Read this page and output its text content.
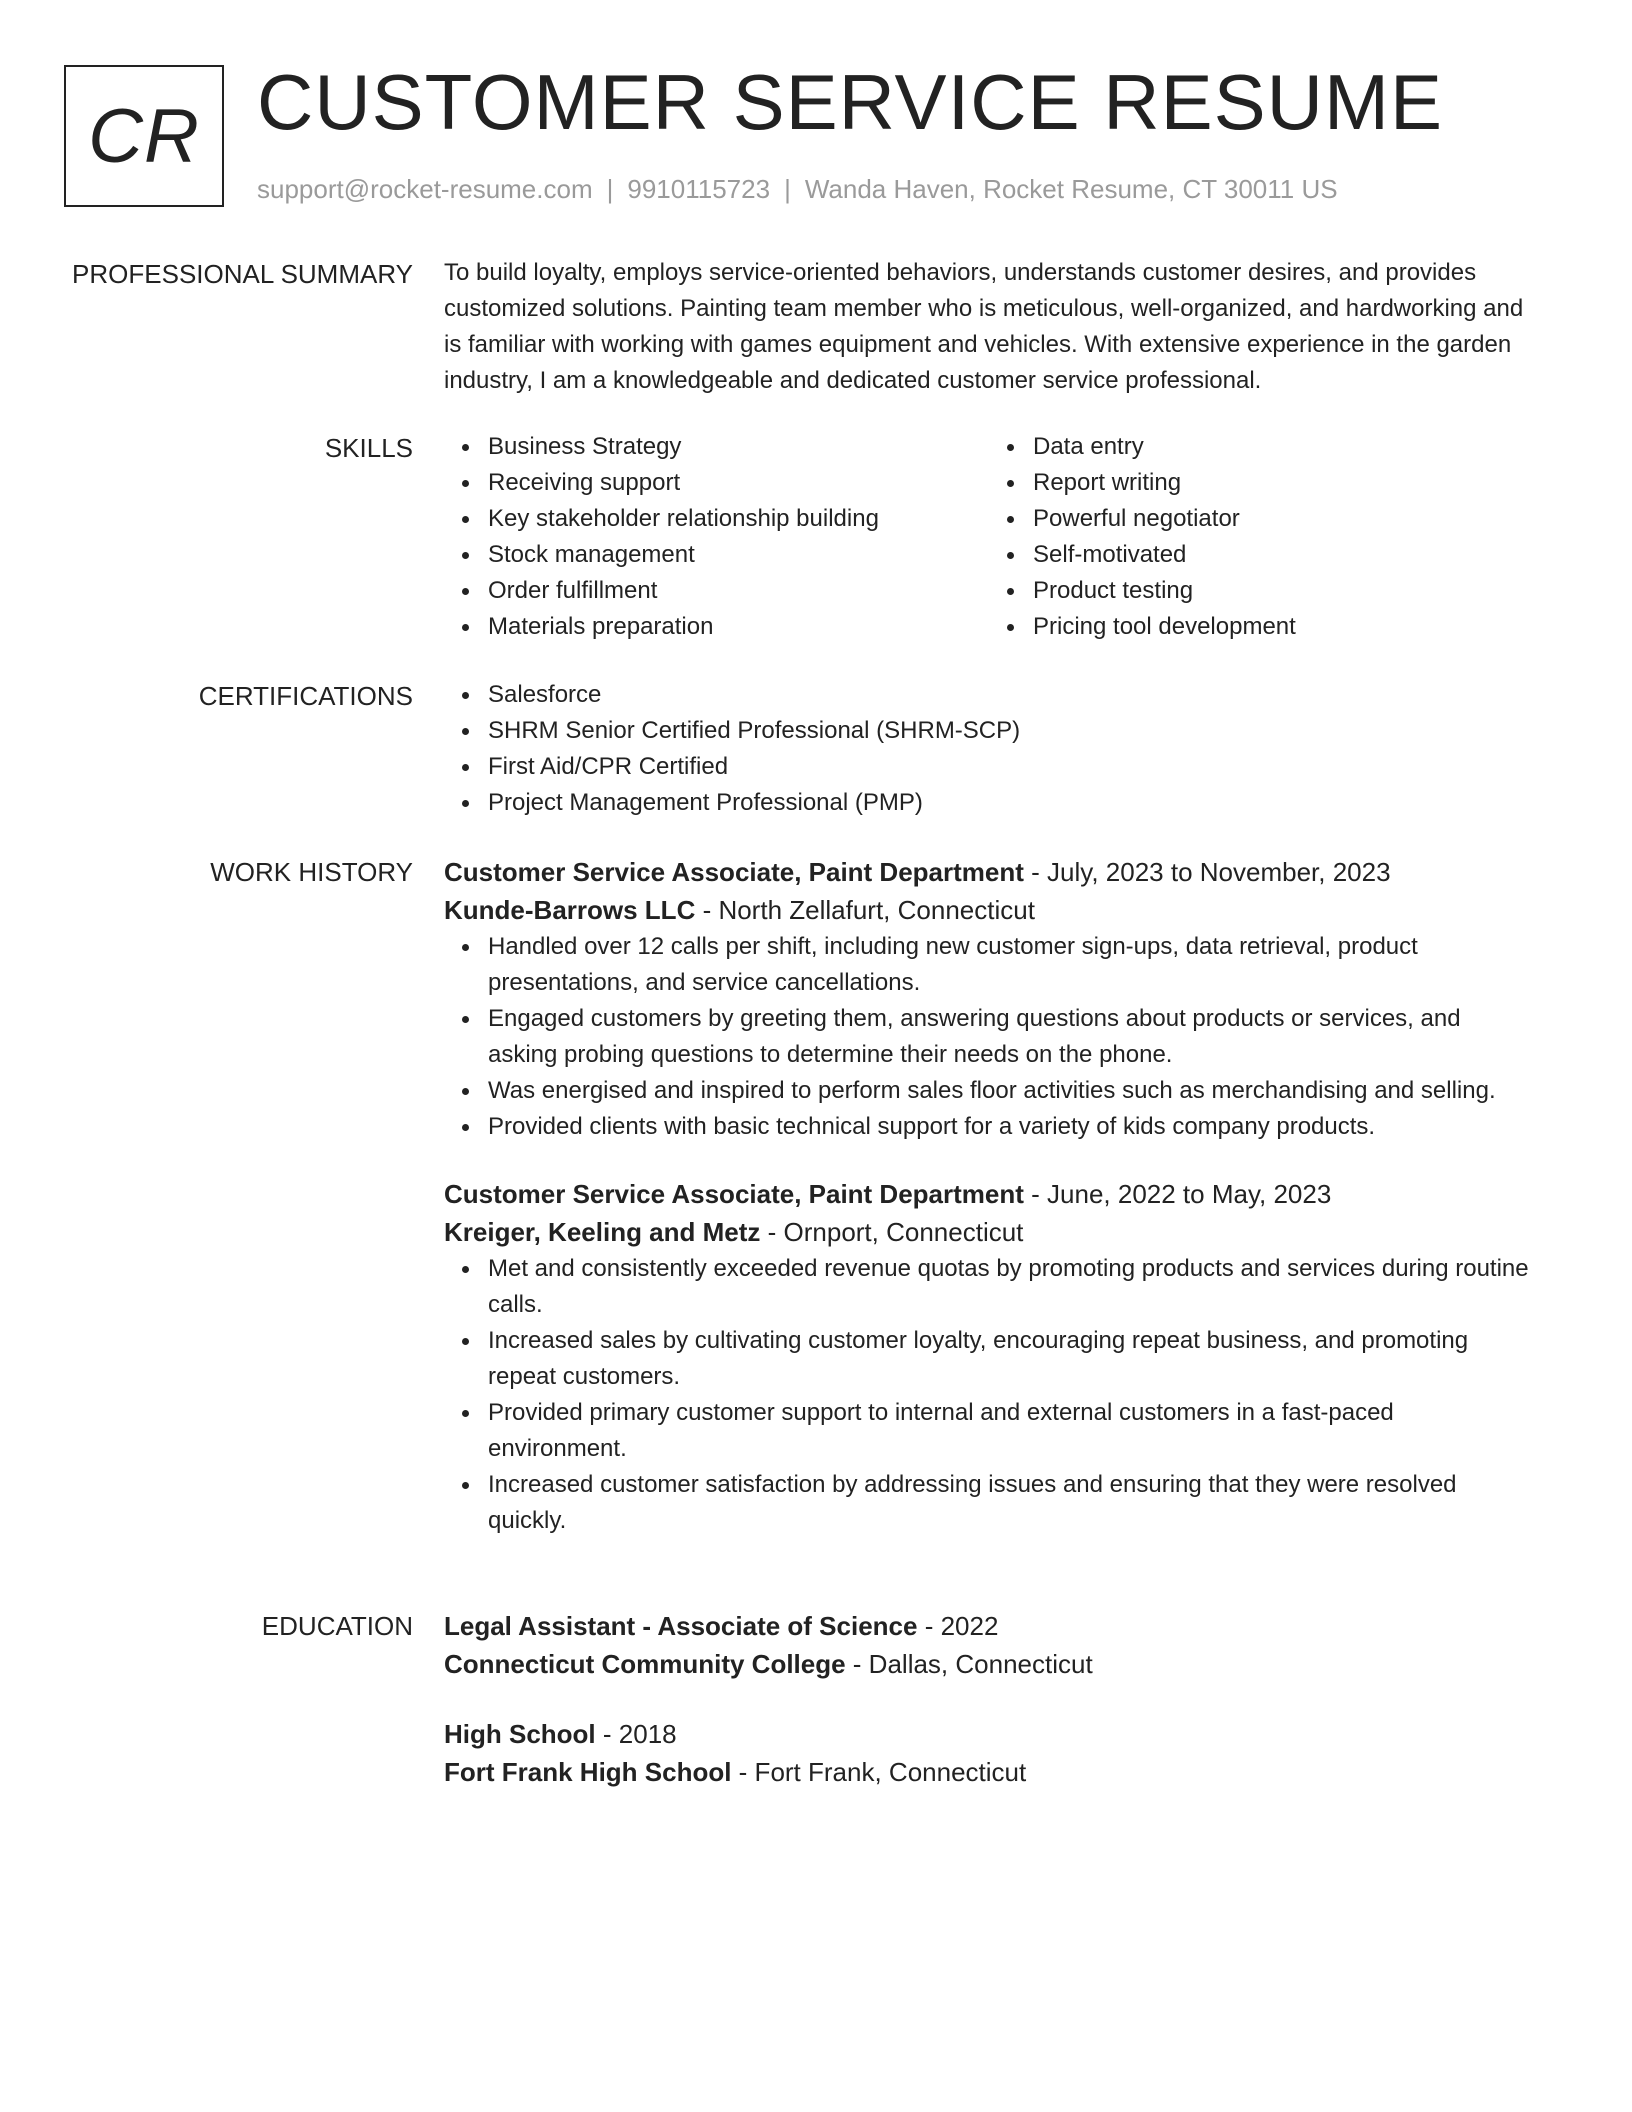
CR CUSTOMER SERVICE RESUME
support@rocket-resume.com | 9910115723 | Wanda Haven, Rocket Resume, CT 30011 US
PROFESSIONAL SUMMARY To build loyalty, employs service-oriented behaviors, understands customer desires, and provides customized solutions. Painting team member who is meticulous, well-organized, and hardworking and is familiar with working with games equipment and vehicles. With extensive experience in the garden industry, I am a knowledgeable and dedicated customer service professional.

SKILLS	Business Strategy
Receiving support
Key stakeholder relationship building
Stock management
Order fulfillment
Materials preparation
Data entry
Report writing
Powerful negotiator
Self-motivated
Product testing
Pricing tool development
CERTIFICATIONS	Salesforce
SHRM Senior Certified Professional (SHRM-SCP)
First Aid/CPR Certified
Project Management Professional (PMP)
WORK HISTORY Customer Service Associate, Paint Department - July, 2023 to November, 2023
Kunde-Barrows LLC - North Zellafurt, Connecticut
Handled over 12 calls per shift, including new customer sign-ups, data retrieval, product presentations, and service cancellations.
Engaged customers by greeting them, answering questions about products or services, and asking probing questions to determine their needs on the phone.
Was energised and inspired to perform sales floor activities such as merchandising and selling.
Provided clients with basic technical support for a variety of kids company products.
Customer Service Associate, Paint Department - June, 2022 to May, 2023
Kreiger, Keeling and Metz - Ornport, Connecticut
Met and consistently exceeded revenue quotas by promoting products and services during routine calls.
Increased sales by cultivating customer loyalty, encouraging repeat business, and promoting repeat customers.
Provided primary customer support to internal and external customers in a fast-paced environment.
Increased customer satisfaction by addressing issues and ensuring that they were resolved quickly.
EDUCATION Legal Assistant - Associate of Science - 2022
Connecticut Community College - Dallas, Connecticut
High School - 2018
Fort Frank High School - Fort Frank, Connecticut
